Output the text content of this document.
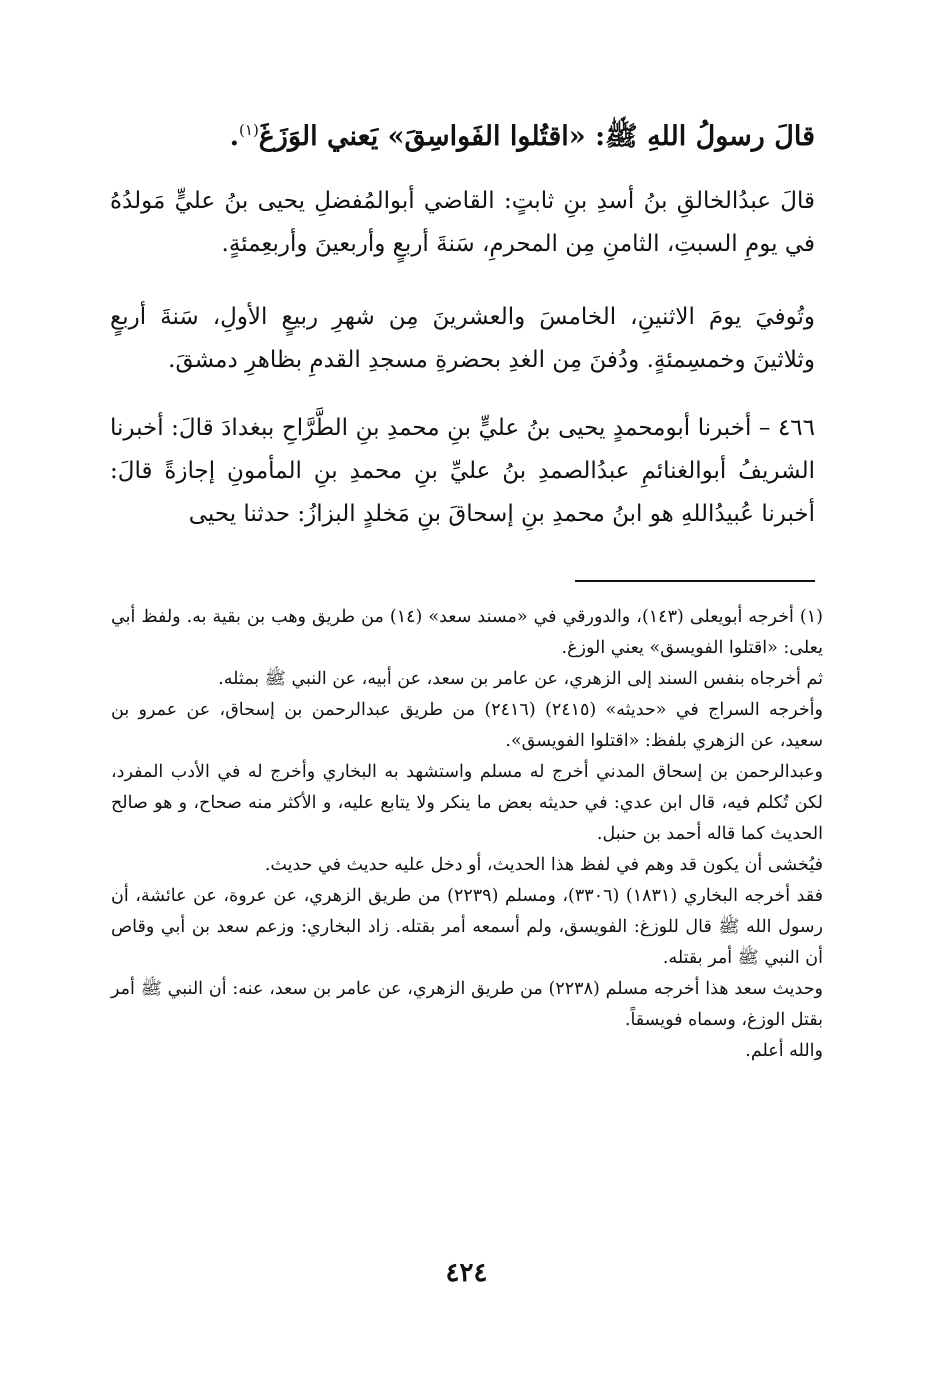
قالَ رسولُ اللهِ ﷺ: «اقتُلوا الفَواسِقَ» يَعني الوَزَغَ$^{(١)}$.
قالَ عبدُالخالقِ بنُ أسدِ بنِ ثابتٍ: القاضي أبوالمُفضلِ يحيى بنُ عليٍّ مَولدُهُ في يومِ السبتِ، الثامنِ مِن المحرمِ، سَنةَ أربعٍ وأربعينَ وأربعِمئةٍ.
وتُوفيَ يومَ الاثنينِ، الخامسَ والعشرينَ مِن شهرِ ربيعٍ الأولِ، سَنةَ أربعٍ وثلاثينَ وخمسِمئةٍ. ودُفنَ مِن الغدِ بحضرةِ مسجدِ القدمِ بظاهرِ دمشقَ.
٤٦٦ – أخبرنا أبومحمدٍ يحيى بنُ عليٍّ بنِ محمدِ بنِ الطَّرَّاحِ ببغدادَ قالَ: أخبرنا الشريفُ أبوالغنائمِ عبدُالصمدِ بنُ عليِّ بنِ محمدِ بنِ المأمونِ إجازةً قالَ: أخبرنا عُبيدُاللهِ هو ابنُ محمدِ بنِ إسحاقَ بنِ مَخلدٍ البزازُ: حدثنا يحيى

(١) أخرجه أبويعلى (١٤٣)، والدورقي في «مسند سعد» (١٤) من طريق وهب بن بقية به. ولفظ أبي يعلى: «اقتلوا الفويسق» يعني الوزغ.

ثم أخرجاه بنفس السند إلى الزهري، عن عامر بن سعد، عن أبيه، عن النبي ﷺ بمثله.

وأخرجه السراج في «حديثه» (٢٤١٥) (٢٤١٦) من طريق عبدالرحمن بن إسحاق، عن عمرو بن سعيد، عن الزهري بلفظ: «اقتلوا الفويسق».

وعبدالرحمن بن إسحاق المدني أخرج له مسلم واستشهد به البخاري وأخرج له في الأدب المفرد، لكن تُكلم فيه، قال ابن عدي: في حديثه بعض ما ينكر ولا يتابع عليه، و الأكثر منه صحاح، و هو صالح الحديث كما قاله أحمد بن حنبل.

فيُخشى أن يكون قد وهم في لفظ هذا الحديث، أو دخل عليه حديث في حديث.

فقد أخرجه البخاري (١٨٣١) (٣٣٠٦)، ومسلم (٢٢٣٩) من طريق الزهري، عن عروة، عن عائشة، أن رسول الله ﷺ قال للوزغ: الفويسق، ولم أسمعه أمر بقتله. زاد البخاري: وزعم سعد بن أبي وقاص أن النبي ﷺ أمر بقتله.

وحديث سعد هذا أخرجه مسلم (٢٢٣٨) من طريق الزهري، عن عامر بن سعد، عنه: أن النبي ﷺ أمر بقتل الوزغ، وسماه فويسقاً.

والله أعلم.

٤٢٤
